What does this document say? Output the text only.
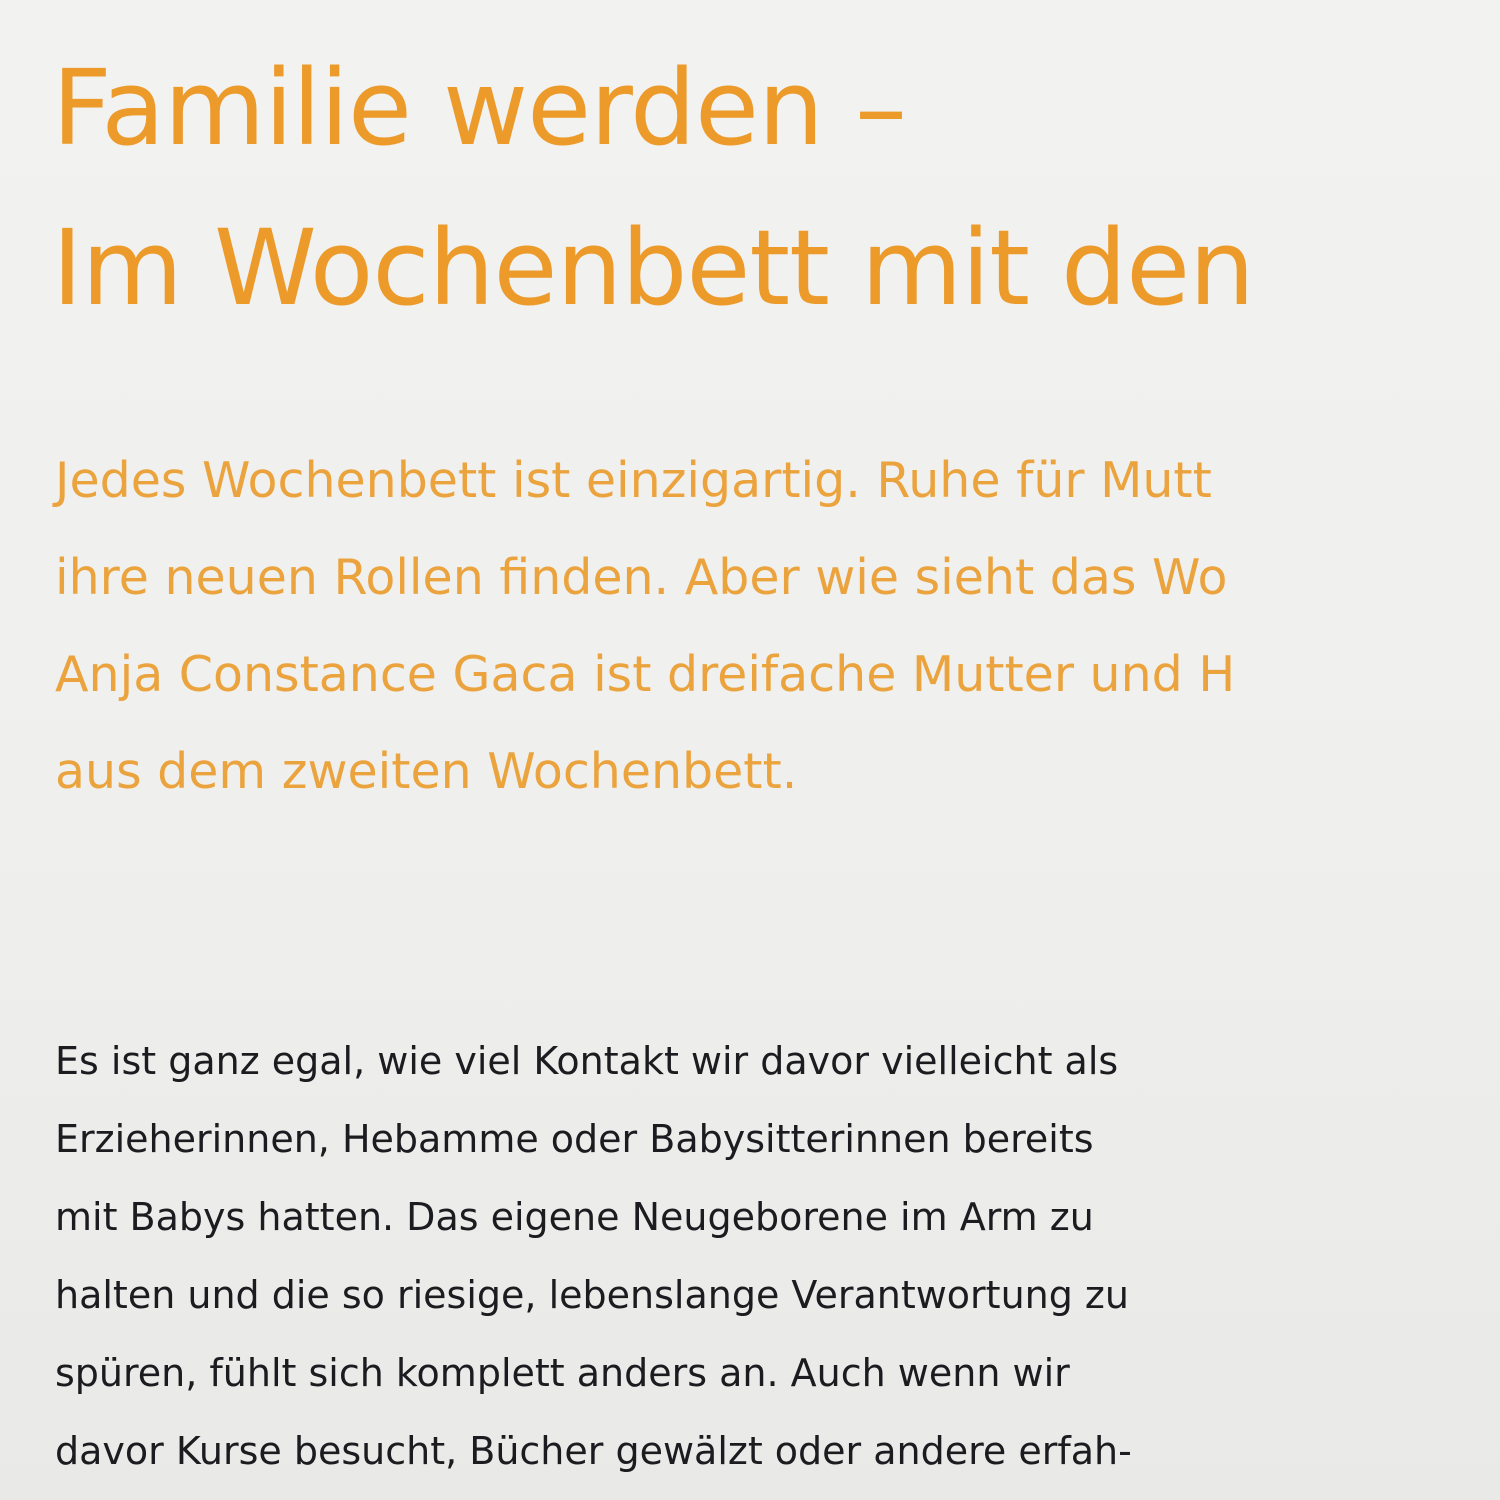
Familie werden –
Im Wochenbett mit den

Jedes Wochenbett ist einzigartig. Ruhe für Mutt
ihre neuen Rollen finden. Aber wie sieht das Wo
Anja Constance Gaca ist dreifache Mutter und H
aus dem zweiten Wochenbett.

Es ist ganz egal, wie viel Kontakt wir davor vielleicht als
Erzieherinnen, Hebamme oder Babysitterinnen bereits
mit Babys hatten. Das eigene Neugeborene im Arm zu
halten und die so riesige, lebenslange Verantwortung zu
spüren, fühlt sich komplett anders an. Auch wenn wir
davor Kurse besucht, Bücher gewälzt oder andere erfah-
